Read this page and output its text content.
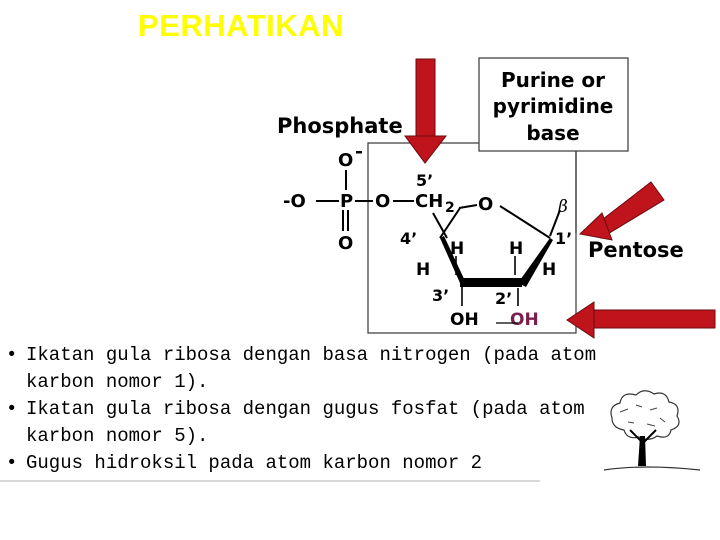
PERHATIKAN
Phosphate
Purine or
pyrimidine
base
Pentose
O
-O P
O
O CH 2
5’
O
4’	1’
β
H	H
H	H
3’	2’
OH OH
• Ikatan gula ribosa dengan basa nitrogen (pada atom
karbon nomor 1).
• Ikatan gula ribosa dengan gugus fosfat (pada atom
karbon nomor 5).
• Gugus hidroksil pada atom karbon nomor 2
